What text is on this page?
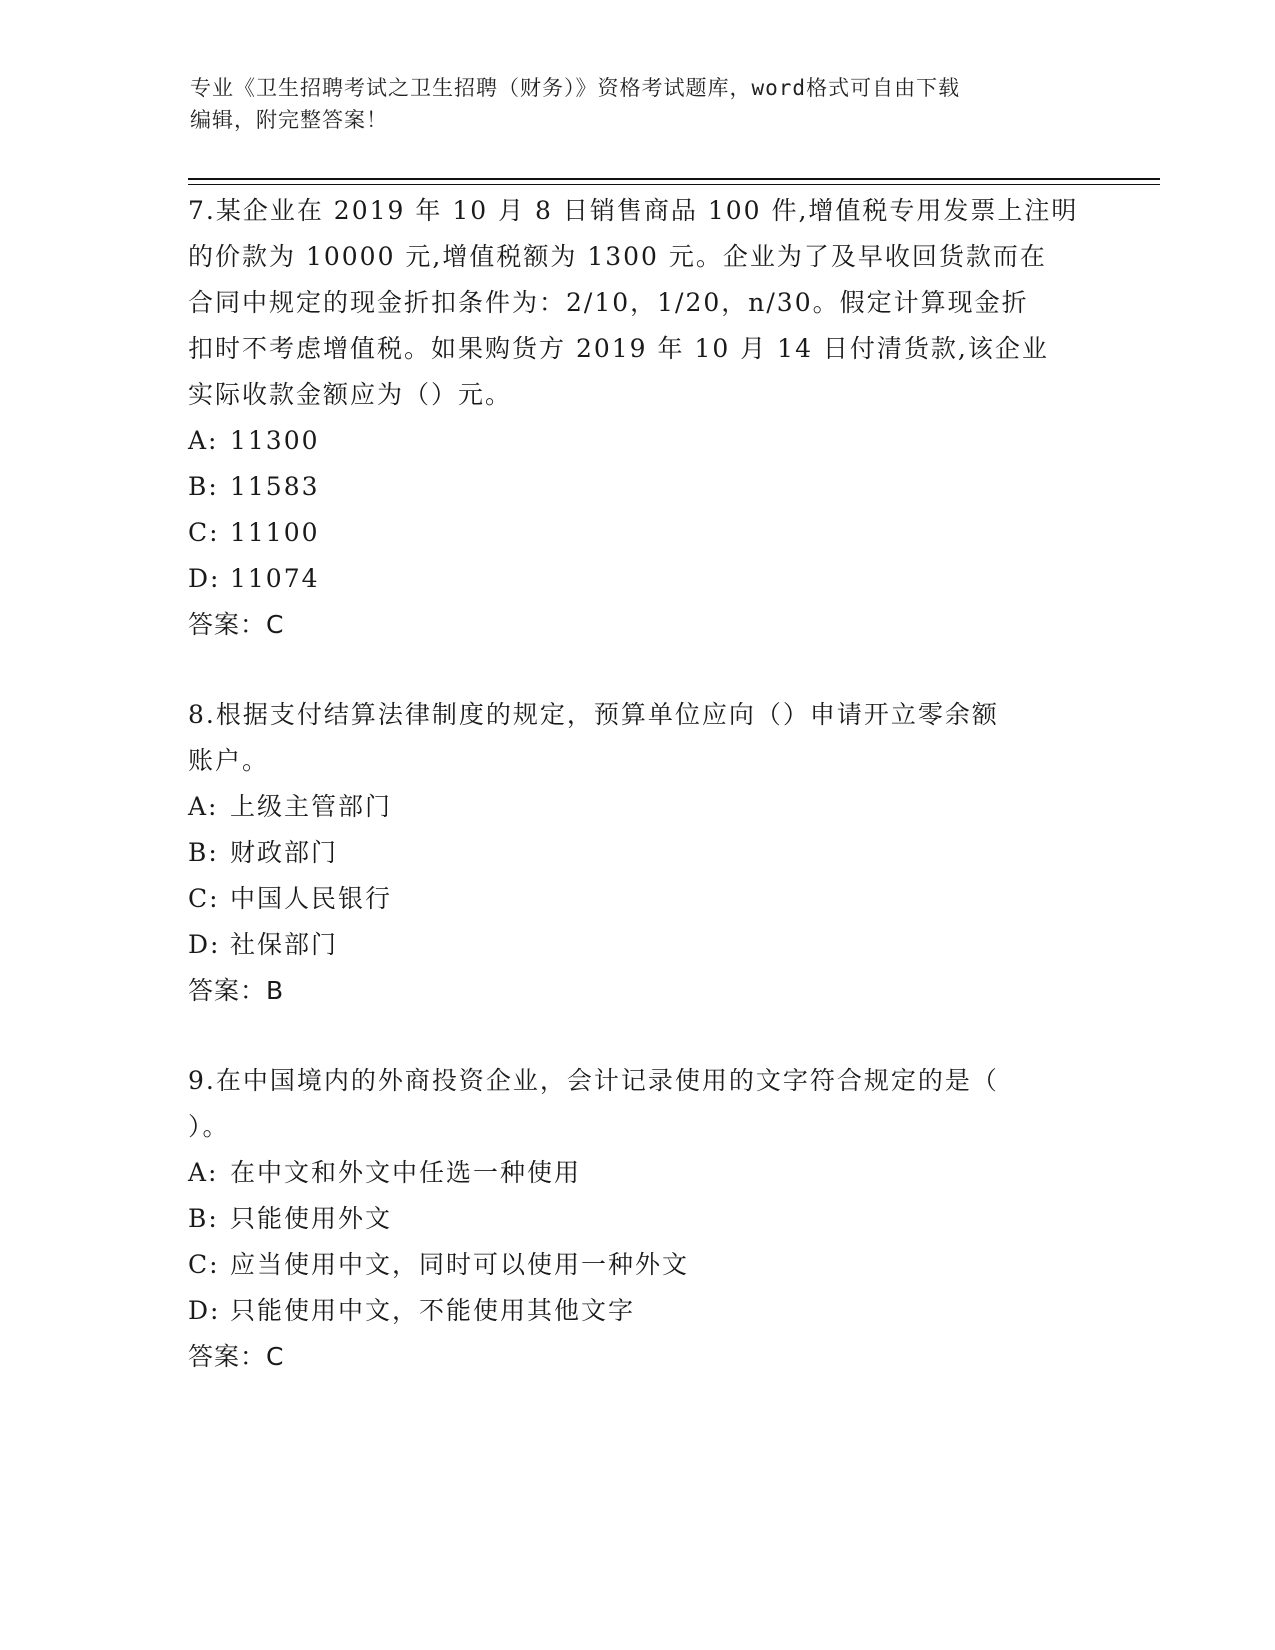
专业《卫生招聘考试之卫生招聘（财务）》资格考试题库，word格式可自由下载
编辑，附完整答案！

7.某企业在 2019 年 10 月 8 日销售商品 100 件,增值税专用发票上注明

的价款为 10000 元,增值税额为 1300 元。企业为了及早收回货款而在

合同中规定的现金折扣条件为：2/10，1/20，n/30。假定计算现金折

扣时不考虑增值税。如果购货方 2019 年 10 月 14 日付清货款,该企业

实际收款金额应为（）元。

A: 11300

B: 11583

C: 11100

D: 11074

答案：C

8.根据支付结算法律制度的规定，预算单位应向（）申请开立零余额

账户。

A: 上级主管部门

B: 财政部门

C: 中国人民银行

D: 社保部门

答案：B

9.在中国境内的外商投资企业，会计记录使用的文字符合规定的是（

）。

A: 在中文和外文中任选一种使用

B: 只能使用外文

C: 应当使用中文，同时可以使用一种外文

D: 只能使用中文，不能使用其他文字

答案：C
